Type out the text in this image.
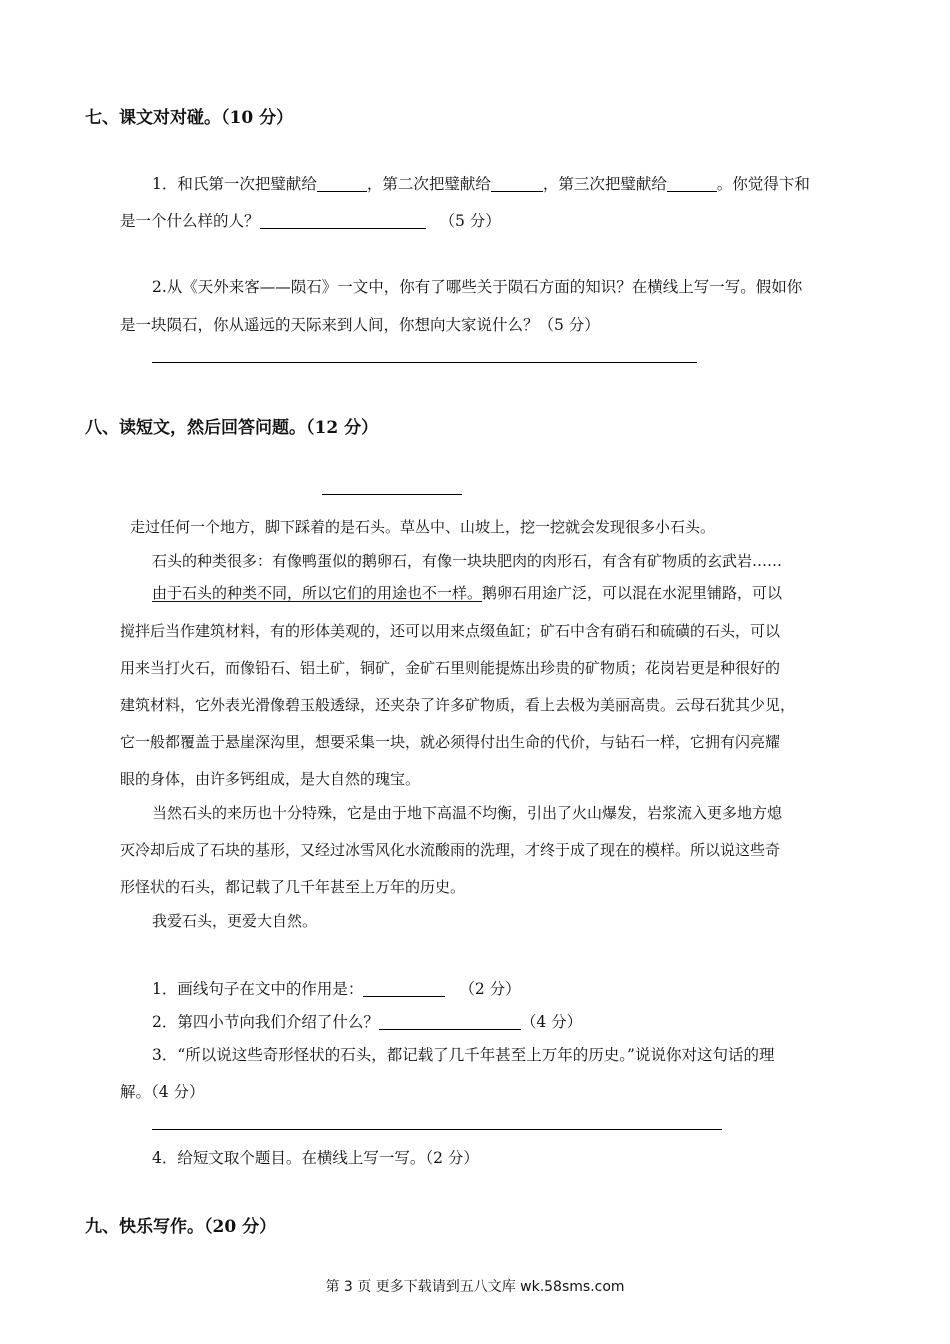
七、课文对对碰。（10 分）
1．和氏第一次把璧献给	，第二次把璧献给	，第三次把璧献给	。你觉得卞和
是一个什么样的人？	（5 分）
2.从《天外来客——陨石》一文中，你有了哪些关于陨石方面的知识？在横线上写一写。假如你
是一块陨石，你从遥远的天际来到人间，你想向大家说什么？（5 分）
八、读短文，然后回答问题。（12 分）
走过任何一个地方，脚下踩着的是石头。草丛中、山坡上，挖一挖就会发现很多小石头。
石头的种类很多：有像鸭蛋似的鹅卵石，有像一块块肥肉的肉形石，有含有矿物质的玄武岩……
由于石头的种类不同，所以它们的用途也不一样。鹅卵石用途广泛，可以混在水泥里铺路，可以
搅拌后当作建筑材料，有的形体美观的，还可以用来点缀鱼缸；矿石中含有硝石和硫磺的石头，可以
用来当打火石，而像铅石、铝土矿，铜矿，金矿石里则能提炼出珍贵的矿物质；花岗岩更是种很好的
建筑材料，它外表光滑像碧玉般透绿，还夹杂了许多矿物质，看上去极为美丽高贵。云母石犹其少见，
它一般都覆盖于悬崖深沟里，想要采集一块，就必须得付出生命的代价，与钻石一样，它拥有闪亮耀
眼的身体，由许多钙组成，是大自然的瑰宝。
当然石头的来历也十分特殊，它是由于地下高温不均衡，引出了火山爆发，岩浆流入更多地方熄
灭冷却后成了石块的基形，又经过冰雪风化水流酸雨的洗理，才终于成了现在的模样。所以说这些奇
形怪状的石头，都记载了几千年甚至上万年的历史。
我爱石头，更爱大自然。
1．画线句子在文中的作用是：	（2 分）
2．第四小节向我们介绍了什么？	（4 分）
3．“所以说这些奇形怪状的石头，都记载了几千年甚至上万年的历史。”说说你对这句话的理
解。（4 分）
4．给短文取个题目。在横线上写一写。（2 分）
九、快乐写作。（20 分）
第 3 页 更多下载请到五八文库 wk.58sms.com
